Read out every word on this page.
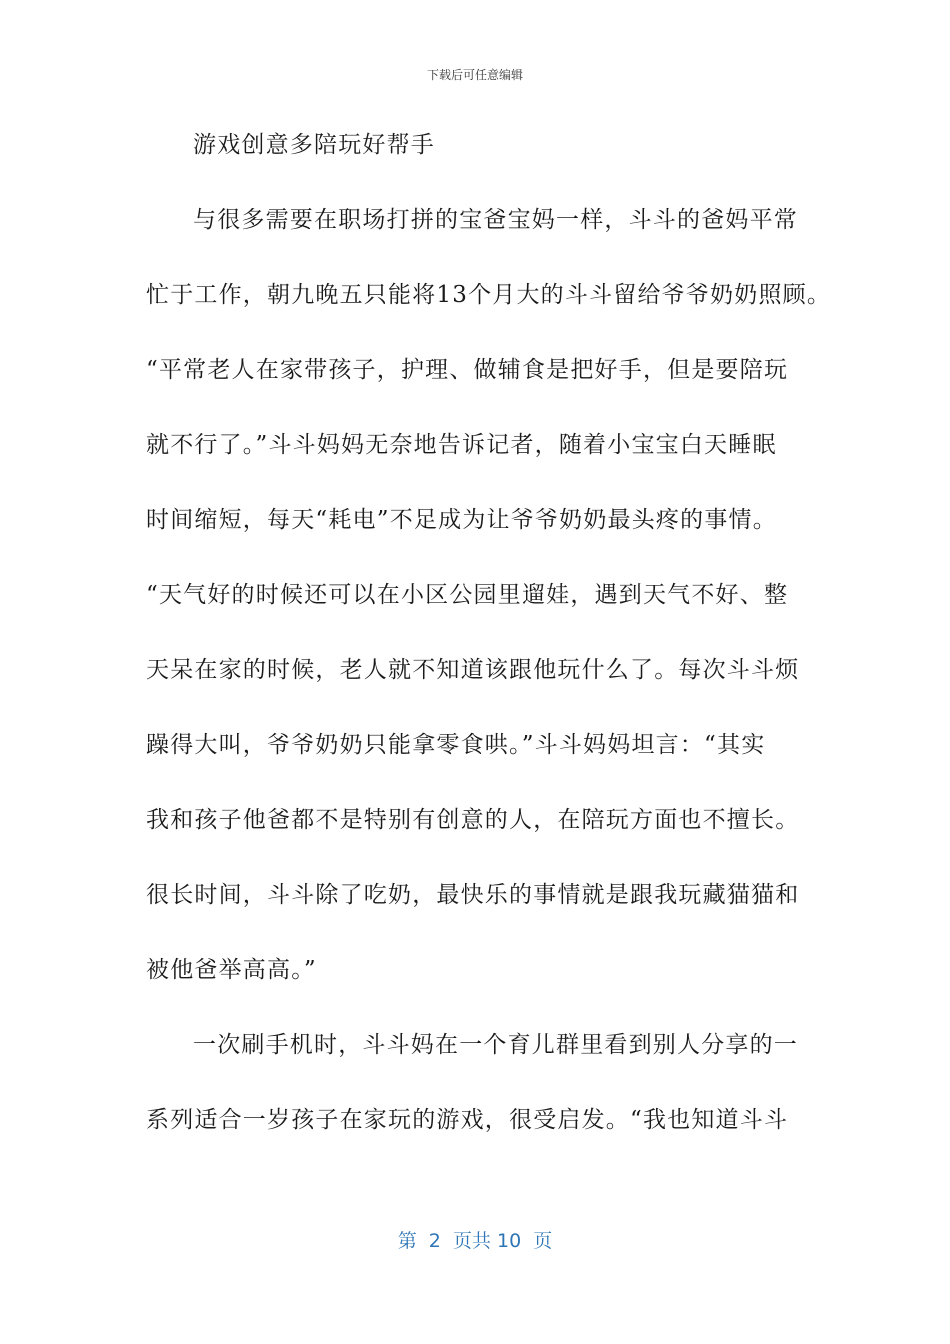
下载后可任意编辑
游戏创意多陪玩好帮手
与很多需要在职场打拼的宝爸宝妈一样，斗斗的爸妈平常
忙于工作，朝九晚五只能将13个月大的斗斗留给爷爷奶奶照顾。
“平常老人在家带孩子，护理、做辅食是把好手，但是要陪玩
就不行了。”斗斗妈妈无奈地告诉记者，随着小宝宝白天睡眠
时间缩短，每天“耗电”不足成为让爷爷奶奶最头疼的事情。
“天气好的时候还可以在小区公园里遛娃，遇到天气不好、整
天呆在家的时候，老人就不知道该跟他玩什么了。每次斗斗烦
躁得大叫，爷爷奶奶只能拿零食哄。”斗斗妈妈坦言：“其实
我和孩子他爸都不是特别有创意的人，在陪玩方面也不擅长。
很长时间，斗斗除了吃奶，最快乐的事情就是跟我玩藏猫猫和
被他爸举高高。”
一次刷手机时，斗斗妈在一个育儿群里看到别人分享的一
系列适合一岁孩子在家玩的游戏，很受启发。“我也知道斗斗
第  2  页共 10  页
